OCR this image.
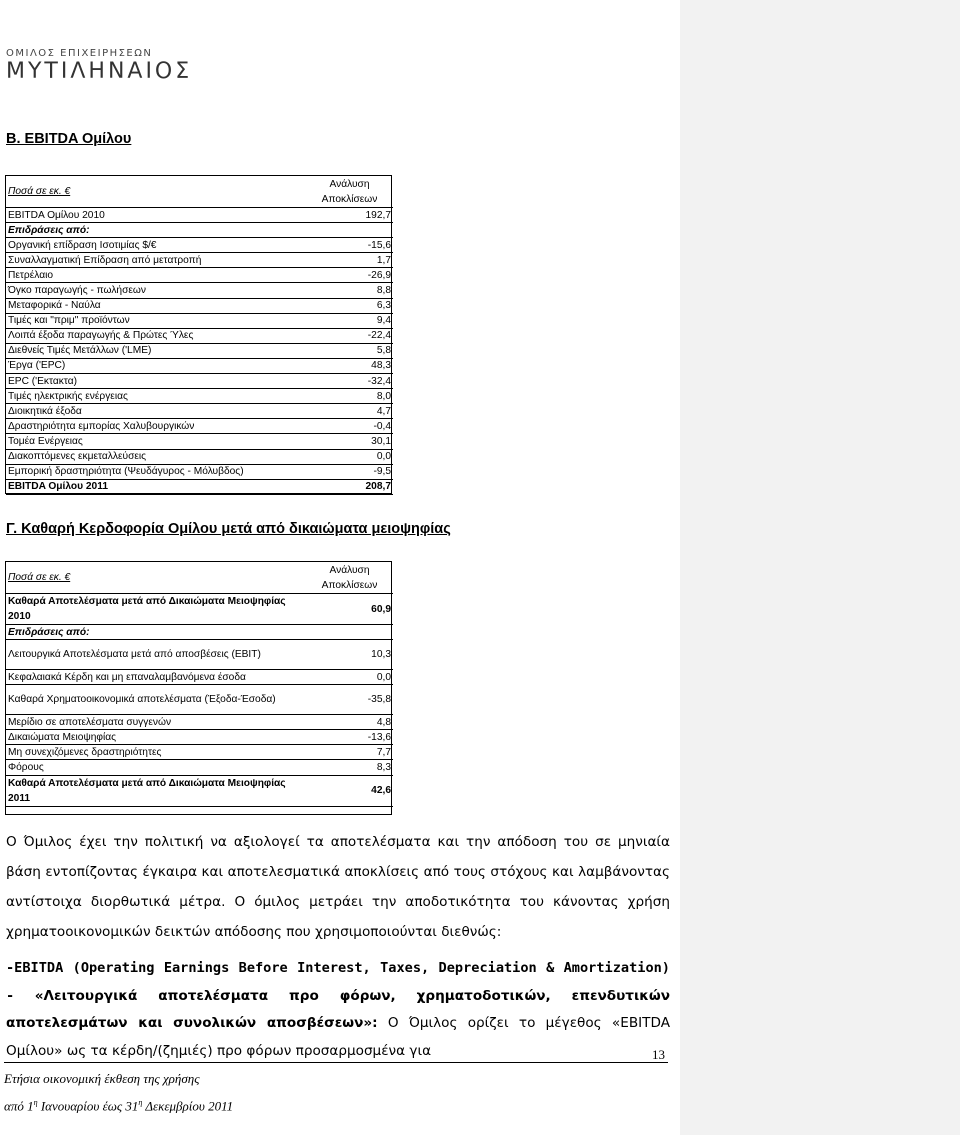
ΟΜΙΛΟΣ ΕΠΙΧΕΙΡΗΣΕΩΝ
ΜΥΤΙΛΗΝΑΙΟΣ
Β. EBITDA Ομίλου
Ποσά σε εκ. €	Ανάλυση
Αποκλίσεων
EBITDA Ομίλου 2010	192,7
Επιδράσεις από:	
Οργανική επίδραση Ισοτιμίας $/€	-15,6
Συναλλαγματική Επίδραση από μετατροπή	1,7
Πετρέλαιο	-26,9
Όγκο παραγωγής - πωλήσεων	8,8
Μεταφορικά - Ναύλα	6,3
Τιμές και "πριμ" προϊόντων	9,4
Λοιπά έξοδα παραγωγής & Πρώτες Ύλες	-22,4
Διεθνείς Τιμές Μετάλλων ('LME)	5,8
Έργα ('EPC)	48,3
EPC ('Εκτακτα)	-32,4
Τιμές ηλεκτρικής ενέργειας	8,0
Διοικητικά έξοδα	4,7
Δραστηριότητα εμπορίας Χαλυβουργικών	-0,4
Τομέα Ενέργειας	30,1
Διακοπτόμενες εκμεταλλεύσεις	0,0
Εμπορική δραστηριότητα (Ψευδάγυρος - Μόλυβδος)	-9,5
EBITDA Ομίλου 2011	208,7
Γ. Καθαρή Κερδοφορία Ομίλου μετά από δικαιώματα μειοψηφίας
Ποσά σε εκ. €	Ανάλυση
Αποκλίσεων
Καθαρά Αποτελέσματα μετά από Δικαιώματα Μειοψηφίας 2010	60,9
Επιδράσεις από:	
Λειτουργικά Αποτελέσματα μετά από αποσβέσεις (EBIT)	10,3
Κεφαλαιακά Κέρδη και μη επαναλαμβανόμενα έσοδα	0,0
Καθαρά Χρηματοοικονομικά αποτελέσματα (Έξοδα-Έσοδα)	-35,8
Μερίδιο σε αποτελέσματα συγγενών	4,8
Δικαιώματα Μειοψηφίας	-13,6
Μη συνεχιζόμενες δραστηριότητες	7,7
Φόρους	8,3
Καθαρά Αποτελέσματα μετά από Δικαιώματα Μειοψηφίας 2011	42,6

Ο Όμιλος έχει την πολιτική να αξιολογεί τα αποτελέσματα και την απόδοση του σε μηνιαία βάση εντοπίζοντας έγκαιρα και αποτελεσματικά αποκλίσεις από τους στόχους και λαμβάνοντας αντίστοιχα διορθωτικά μέτρα. Ο όμιλος μετράει την αποδοτικότητα του κάνοντας χρήση χρηματοοικονομικών δεικτών απόδοσης που χρησιμοποιούνται διεθνώς:

-EBITDA (Operating Earnings Before Interest, Taxes, Depreciation & Amortization) - «Λειτουργικά αποτελέσματα προ φόρων, χρηματοδοτικών, επενδυτικών αποτελεσμάτων και συνολικών αποσβέσεων»: Ο Όμιλος ορίζει το μέγεθος «EBITDA Ομίλου» ως τα κέρδη/(ζημιές) προ φόρων προσαρμοσμένα για	13
Ετήσια οικονομική έκθεση της χρήσης
από $1^\eta$ Ιανουαρίου έως $31^\eta$ Δεκεμβρίου 2011
